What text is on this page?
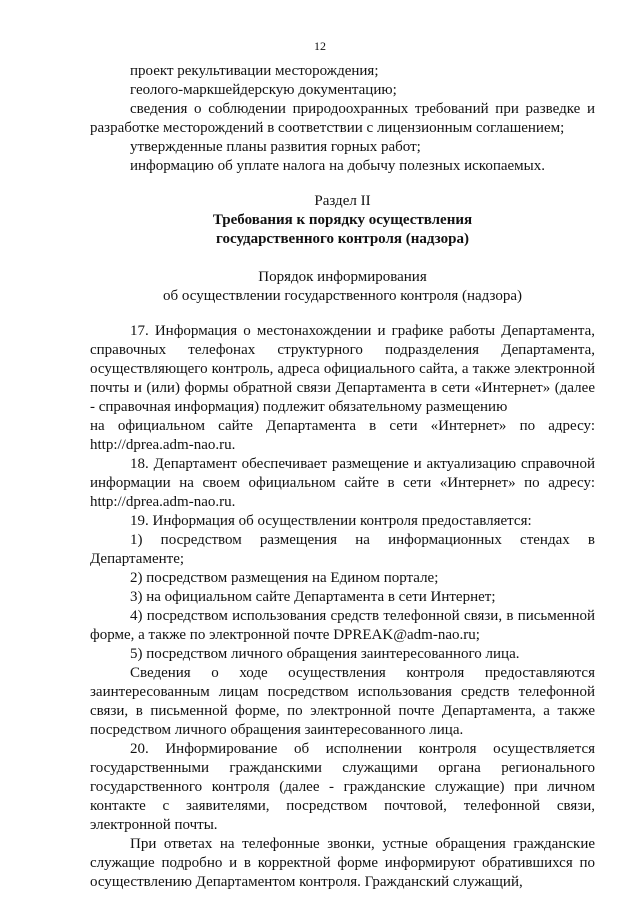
12

проект рекультивации месторождения;

геолого-маркшейдерскую документацию;

сведения о соблюдении природоохранных требований при разведке и разработке месторождений в соответствии с лицензионным соглашением;

утвержденные планы развития горных работ;

информацию об уплате налога на добычу полезных ископаемых.

Раздел II

Требования к порядку осуществления

государственного контроля (надзора)

Порядок информирования

об осуществлении государственного контроля (надзора)

17. Информация о местонахождении и графике работы Департамента, справочных телефонах структурного подразделения Департамента, осуществляющего контроль, адреса официального сайта, а также электронной почты и (или) формы обратной связи Департамента в сети «Интернет» (далее - справочная информация) подлежит обязательному размещению

на официальном сайте Департамента в сети «Интернет» по адресу: http://dprea.adm-nao.ru.

18. Департамент обеспечивает размещение и актуализацию справочной информации на своем официальном сайте в сети «Интернет» по адресу: http://dprea.adm-nao.ru.

19. Информация об осуществлении контроля предоставляется:

1) посредством размещения на информационных стендах в Департаменте;

2) посредством размещения на Едином портале;

3) на официальном сайте Департамента в сети Интернет;

4) посредством использования средств телефонной связи, в письменной форме, а также по электронной почте DPREAK@adm-nao.ru;

5) посредством личного обращения заинтересованного лица.

Сведения о ходе осуществления контроля предоставляются заинтересованным лицам посредством использования средств телефонной связи, в письменной форме, по электронной почте Департамента, а также посредством личного обращения заинтересованного лица.

20. Информирование об исполнении контроля осуществляется государственными гражданскими служащими органа регионального государственного контроля (далее - гражданские служащие) при личном контакте с заявителями, посредством почтовой, телефонной связи, электронной почты.

При ответах на телефонные звонки, устные обращения гражданские служащие подробно и в корректной форме информируют обратившихся по осуществлению Департаментом контроля. Гражданский служащий,
